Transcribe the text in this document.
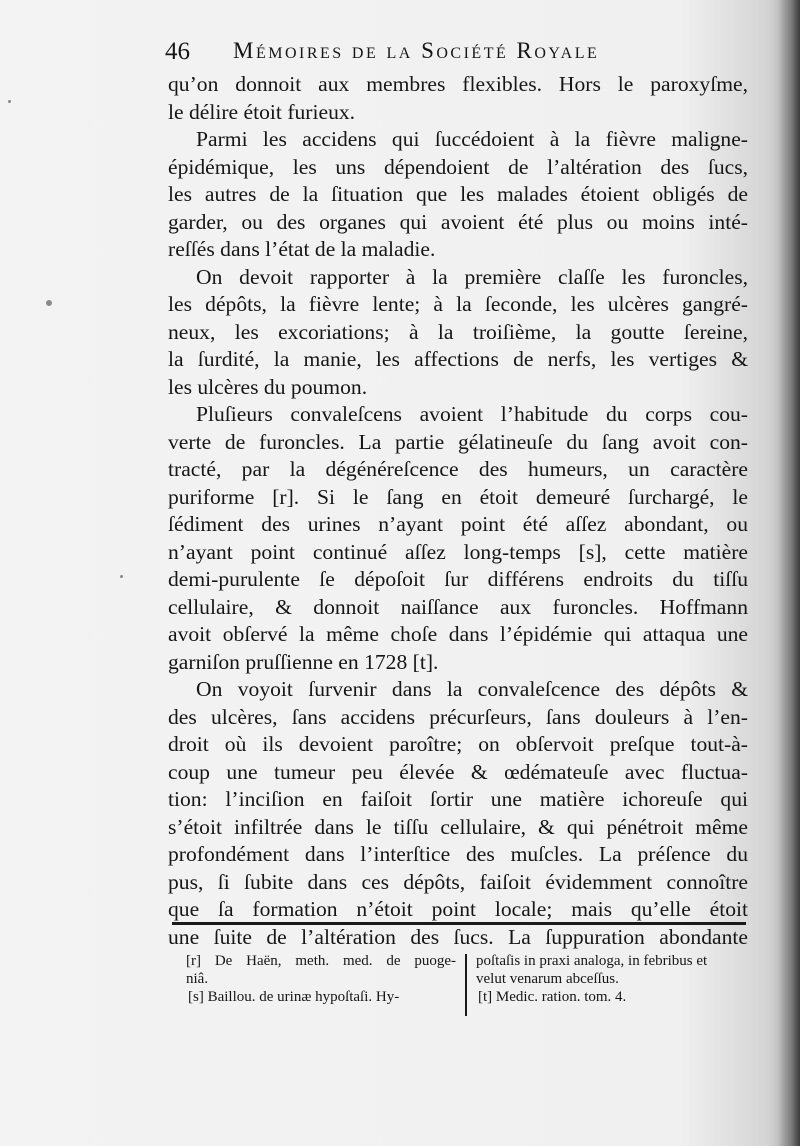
46 Mémoires de la Société Royale
qu’on donnoit aux membres flexibles. Hors le paroxyſme,
le délire étoit furieux.
Parmi les accidens qui ſuccédoient à la fièvre maligne-
épidémique, les uns dépendoient de l’altération des ſucs,
les autres de la ſituation que les malades étoient obligés de
garder, ou des organes qui avoient été plus ou moins inté-
reſſés dans l’état de la maladie.
On devoit rapporter à la première claſſe les furoncles,
les dépôts, la fièvre lente; à la ſeconde, les ulcères gangré-
neux, les excoriations; à la troiſième, la goutte ſereine,
la ſurdité, la manie, les affections de nerfs, les vertiges &
les ulcères du poumon.
Pluſieurs convaleſcens avoient l’habitude du corps cou-
verte de furoncles. La partie gélatineuſe du ſang avoit con-
tracté, par la dégénéreſcence des humeurs, un caractère
puriforme [r]. Si le ſang en étoit demeuré ſurchargé, le
ſédiment des urines n’ayant point été aſſez abondant, ou
n’ayant point continué aſſez long-temps [s], cette matière
demi-purulente ſe dépoſoit ſur différens endroits du tiſſu
cellulaire, & donnoit naiſſance aux furoncles. Hoffmann
avoit obſervé la même choſe dans l’épidémie qui attaqua une
garniſon pruſſienne en 1728 [t].
On voyoit ſurvenir dans la convaleſcence des dépôts &
des ulcères, ſans accidens précurſeurs, ſans douleurs à l’en-
droit où ils devoient paroître; on obſervoit preſque tout-à-
coup une tumeur peu élevée & œdémateuſe avec fluctua-
tion: l’inciſion en faiſoit ſortir une matière ichoreuſe qui
s’étoit infiltrée dans le tiſſu cellulaire, & qui pénétroit même
profondément dans l’interſtice des muſcles. La préſence du
pus, ſi ſubite dans ces dépôts, faiſoit évidemment connoître
que ſa formation n’étoit point locale; mais qu’elle étoit
une ſuite de l’altération des ſucs. La ſuppuration abondante
[r] De Haën, meth. med. de puoge-
niâ.
[s] Baillou. de urinæ hypoſtaſi. Hy-
poſtaſis in praxi analoga, in febribus et
velut venarum abceſſus.
[t] Medic. ration. tom. 4.
